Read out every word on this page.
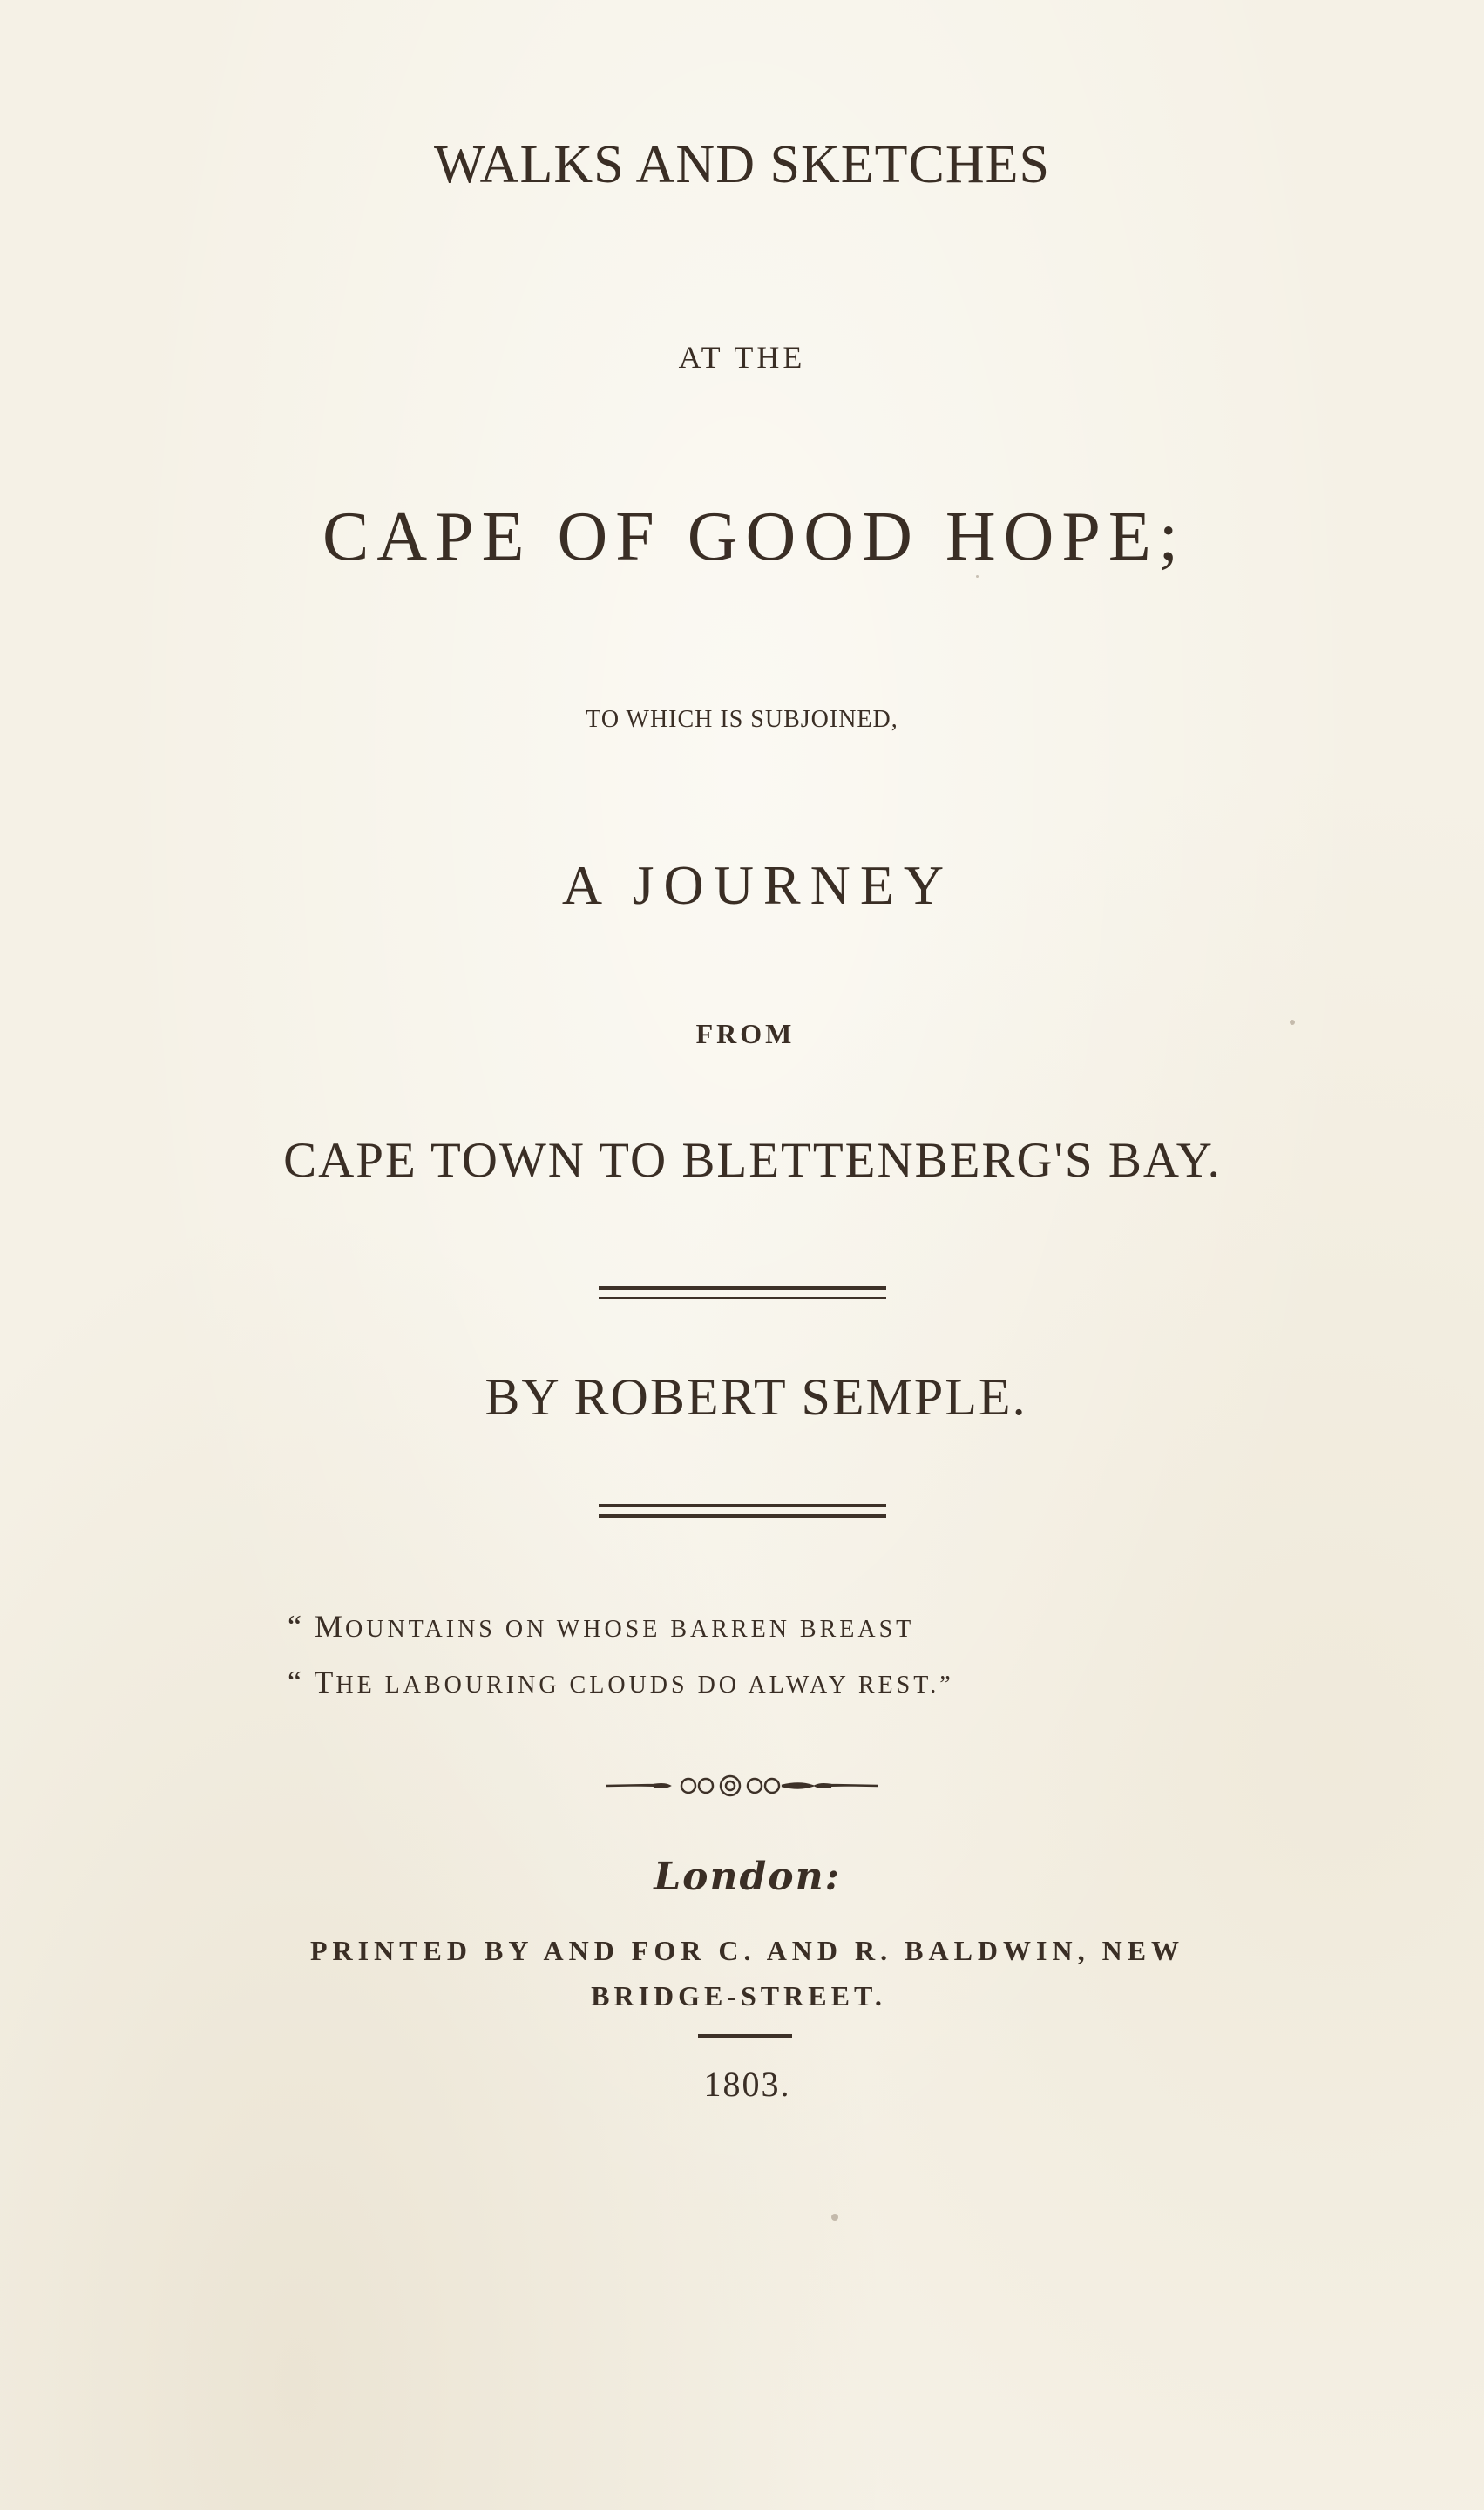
WALKS AND SKETCHES
AT THE
CAPE OF GOOD HOPE;
TO WHICH IS SUBJOINED,
A JOURNEY
FROM
CAPE TOWN TO BLETTENBERG'S BAY.
BY ROBERT SEMPLE.
“ MOUNTAINS ON WHOSE BARREN BREAST
“ THE LABOURING CLOUDS DO ALWAY REST.”
London:
PRINTED BY AND FOR C. AND R. BALDWIN, NEW
BRIDGE-STREET.
1803.
